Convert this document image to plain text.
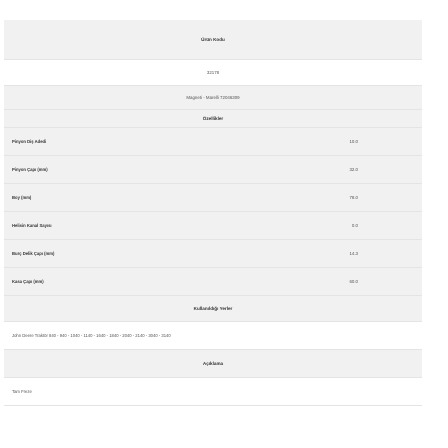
Ürün Kodu
32178
Magneti - Marelli 72046309
Özellikler
Pinyon Diş Adedi	10.0
Pinyon Çapı (mm)	32.0
Boy (mm)	78.0
Helisin Kanal Sayısı	0.0
Burç Delik Çapı (mm)	14.3
Kasa Çapı (mm)	60.0
Kullanıldığı Yerler
John Deere Traktör 840 - 940 - 1040 - 1140 - 1640 - 1840 - 2040 - 2140 - 3040 - 3140
Açıklama
Tam Frezе
